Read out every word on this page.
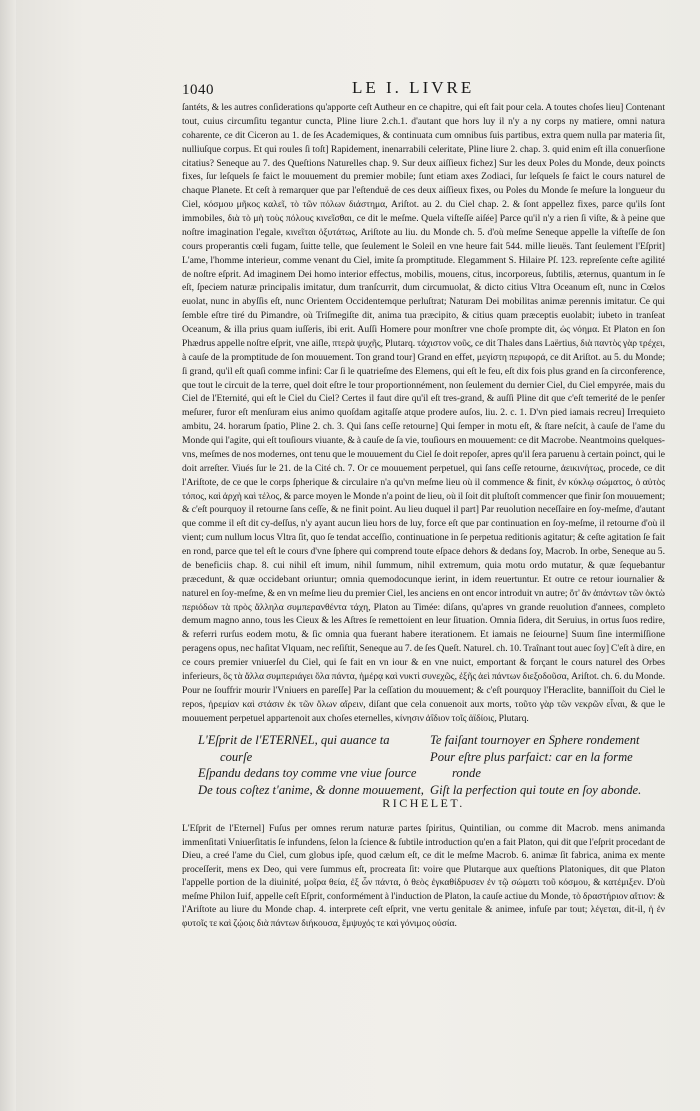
1040	LE I. LIVRE

ſantéts, & les autres conſiderations qu'apporte ceſt Autheur en ce chapitre, qui eſt fait pour cela. A toutes choſes lieu] Contenant tout, cuius circumſitu tegantur cuncta, Pline liure 2.ch.1. d'autant que hors luy il n'y a ny corps ny matiere, omni natura coharente, ce dit Ciceron au 1. de ſes Academiques, & continuata cum omnibus ſuis partibus, extra quem nulla par materia ſit, nulliuſque corpus. Et qui roules ſi toſt] Rapidement, inenarrabili celeritate, Pline liure 2. chap. 3. quid enim eſt illa conuerſione citatius? Seneque au 7. des Queſtions Naturelles chap. 9. Sur deux aiſſieux fichez] Sur les deux Poles du Monde, deux poincts fixes, ſur leſquels ſe faict le mouuement du premier mobile; ſunt etiam axes Zodiaci, ſur leſquels ſe faict le cours naturel de chaque Planete. Et ceſt à remarquer que par l'eſtenduë de ces deux aiſſieux fixes, ou Poles du Monde ſe meſure la longueur du Ciel, κόσμου μῆκος καλεῖ, τὸ τῶν πόλων διάστημα, Ariſtot. au 2. du Ciel chap. 2. & ſont appellez fixes, parce qu'ils ſont immobiles, διὰ τὸ μὴ τοὺς πόλους κινεῖσθαι, ce dit le meſme. Quela viſteſſe aiſée] Parce qu'il n'y a rien ſi viſte, & à peine que noſtre imagination l'egale, κινεῖται ὀξυτάτως, Ariſtote au liu. du Monde ch. 5. d'où meſme Seneque appelle la viſteſſe de ſon cours properantis cœli fugam, ſuitte telle, que ſeulement le Soleil en vne heure fait 544. mille lieuës. Tant ſeulement l'Eſprit] L'ame, l'homme interieur, comme venant du Ciel, imite ſa promptitude. Elegamment S. Hilaire Pſ. 123. repreſente ceſte agilité de noſtre eſprit. Ad imaginem Dei homo interior effectus, mobilis, mouens, citus, incorporeus, ſubtilis, æternus, quantum in ſe eſt, ſpeciem naturæ principalis imitatur, dum tranſcurrit, dum circumuolat, & dicto citius Vltra Oceanum eſt, nunc in Cœlos euolat, nunc in abyſſis eſt, nunc Orientem Occidentemque perluſtrat; Naturam Dei mobilitas animæ perennis imitatur. Ce qui ſemble eſtre tiré du Pimandre, où Triſmegiſte dit, anima tua præcipito, & citius quam præceptis euolabit; iubeto in tranſeat Oceanum, & illa prius quam iuſſeris, ibi erit. Auſſi Homere pour monſtrer vne choſe prompte dit, ὡς νόημα. Et Platon en ſon Phædrus appelle noſtre eſprit, vne aiſle, πτερὰ ψυχῆς, Plutarq. τάχιστον νοῦς, ce dit Thales dans Laërtius, διὰ παντὸς γὰρ τρέχει, à cauſe de la promptitude de ſon mouuement. Ton grand tour] Grand en effet, μεγίστη περιφορά, ce dit Ariſtot. au 5. du Monde; ſi grand, qu'il eſt quaſi comme infini: Car ſi le quatrieſme des Elemens, qui eſt le feu, eſt dix fois plus grand en ſa circonference, que tout le circuit de la terre, quel doit eſtre le tour proportionnément, non ſeulement du dernier Ciel, du Ciel empyrée, mais du Ciel de l'Eternité, qui eſt le Ciel du Ciel? Certes il faut dire qu'il eſt tres-grand, & auſſi Pline dit que c'eſt temerité de le penſer meſurer, furor eſt menſuram eius animo quoſdam agitaſſe atque prodere auſos, liu. 2. c. 1. D'vn pied iamais recreu] Irrequieto ambitu, 24. horarum ſpatio, Pline 2. ch. 3. Qui ſans ceſſe retourne] Qui ſemper in motu eſt, & ſtare neſcit, à cauſe de l'ame du Monde qui l'agite, qui eſt touſiours viuante, & à cauſe de ſa vie, touſiours en mouuement: ce dit Macrobe. Neantmoins quelques-vns, meſmes de nos modernes, ont tenu que le mouuement du Ciel ſe doit repoſer, apres qu'il ſera paruenu à certain poinct, qui le doit arreſter. Viués ſur le 21. de la Cité ch. 7. Or ce mouuement perpetuel, qui ſans ceſſe retourne, ἀεικινήτως, procede, ce dit l'Ariſtote, de ce que le corps ſpherique & circulaire n'a qu'vn meſme lieu où il commence & finit, ἐν κύκλῳ σώματος, ὁ αὐτὸς τόπος, καὶ ἀρχὴ καὶ τέλος, & parce moyen le Monde n'a point de lieu, où il ſoit dit pluſtoſt commencer que finir ſon mouuement; & c'eſt pourquoy il retourne ſans ceſſe, & ne finit point. Au lieu duquel il part] Par reuolution neceſſaire en ſoy-meſme, d'autant que comme il eſt dit cy-deſſus, n'y ayant aucun lieu hors de luy, force eſt que par continuation en ſoy-meſme, il retourne d'où il vient; cum nullum locus Vltra ſit, quo ſe tendat acceſſio, continuatione in ſe perpetua reditionis agitatur; & ceſte agitation ſe fait en rond, parce que tel eſt le cours d'vne ſphere qui comprend toute eſpace dehors & dedans ſoy, Macrob. In orbe, Seneque au 5. de beneficiis chap. 8. cui nihil eſt imum, nihil ſummum, nihil extremum, quia motu ordo mutatur, & quæ ſequebantur præcedunt, & quæ occidebant oriuntur; omnia quemodocunque ierint, in idem reuertuntur. Et outre ce retour iournalier & naturel en ſoy-meſme, & en vn meſme lieu du premier Ciel, les anciens en ont encor introduit vn autre; ὅτ' ἂν ἁπάντων τῶν ὀκτὼ περιόδων τὰ πρὸς ἄλληλα συμπερανθέντα τάχη, Platon au Timée: diſans, qu'apres vn grande reuolution d'annees, completo demum magno anno, tous les Cieux & les Aſtres ſe remettoient en leur ſituation. Omnia ſidera, dit Seruius, in ortus ſuos redire, & referri rurſus eodem motu, & ſic omnia qua fuerant habere iterationem. Et iamais ne ſeiourne] Suum ſine intermiſſione peragens opus, nec haſitat Vlquam, nec reſiſtit, Seneque au 7. de ſes Queſt. Naturel. ch. 10. Traînant tout auec ſoy] C'eſt à dire, en ce cours premier vniuerſel du Ciel, qui ſe fait en vn iour & en vne nuict, emportant & forçant le cours naturel des Orbes inferieurs, ὃς τὰ ἄλλα συμπεριάγει ὅλα πάντα, ἡμέρᾳ καὶ νυκτὶ συνεχῶς, ἐξῆς ἀεὶ πάντων διεξοδοῦσα, Ariſtot. ch. 6. du Monde. Pour ne ſouffrir mourir l'Vniuers en pareſſe] Par la ceſſation du mouuement; & c'eſt pourquoy l'Heraclite, banniſſoit du Ciel le repos, ἠρεμίαν καὶ στάσιν ἐκ τῶν ὅλων αἴρειν, diſant que cela conuenoit aux morts, τοῦτο γὰρ τῶν νεκρῶν εἶναι, & que le mouuement perpetuel appartenoit aux choſes eternelles, κίνησιν ἀΐδιον τοῖς ἀϊδίοις, Plutarq.

L'Eſprit de l'ETERNEL, qui auance ta
courſe
Eſpandu dedans toy comme vne viue ſource
De tous coſtez t'anime, & donne mouuement,
Te faiſant tournoyer en Sphere rondement
Pour eſtre plus parfaict: car en la forme
ronde
Giſt la perfection qui toute en ſoy abonde.
RICHELET.

L'Eſprit de l'Eternel] Fuſus per omnes rerum naturæ partes ſpiritus, Quintilian, ou comme dit Macrob. mens animanda immenſitati Vniuerſitatis ſe infundens, ſelon la ſcience & ſubtile introduction qu'en a fait Platon, qui dit que l'eſprit procedant de Dieu, a creé l'ame du Ciel, cum globus ipſe, quod cælum eſt, ce dit le meſme Macrob. 6. animæ ſit fabrica, anima ex mente proceſſerit, mens ex Deo, qui vere ſummus eſt, procreata ſit: voire que Plutarque aux queſtions Platoniques, dit que Platon l'appelle portion de la diuinité, μοῖρα θεία, ἐξ ὧν πάντα, ὁ θεὸς ἐγκαθίδρυσεν ἐν τῷ σώματι τοῦ κόσμου, & κατέμιξεν. D'où meſme Philon Iuif, appelle ceſt Eſprit, conformément à l'induction de Platon, la cauſe actiue du Monde, τὸ δραστήριον αἴτιον: & l'Ariſtote au liure du Monde chap. 4. interprete ceſt eſprit, vne vertu genitale & animee, infuſe par tout; λέγεται, dit-il, ἡ ἐν φυτοῖς τε καὶ ζῴοις διὰ πάντων διήκουσα, ἔμψυχός τε καὶ γόνιμος οὐσία.
